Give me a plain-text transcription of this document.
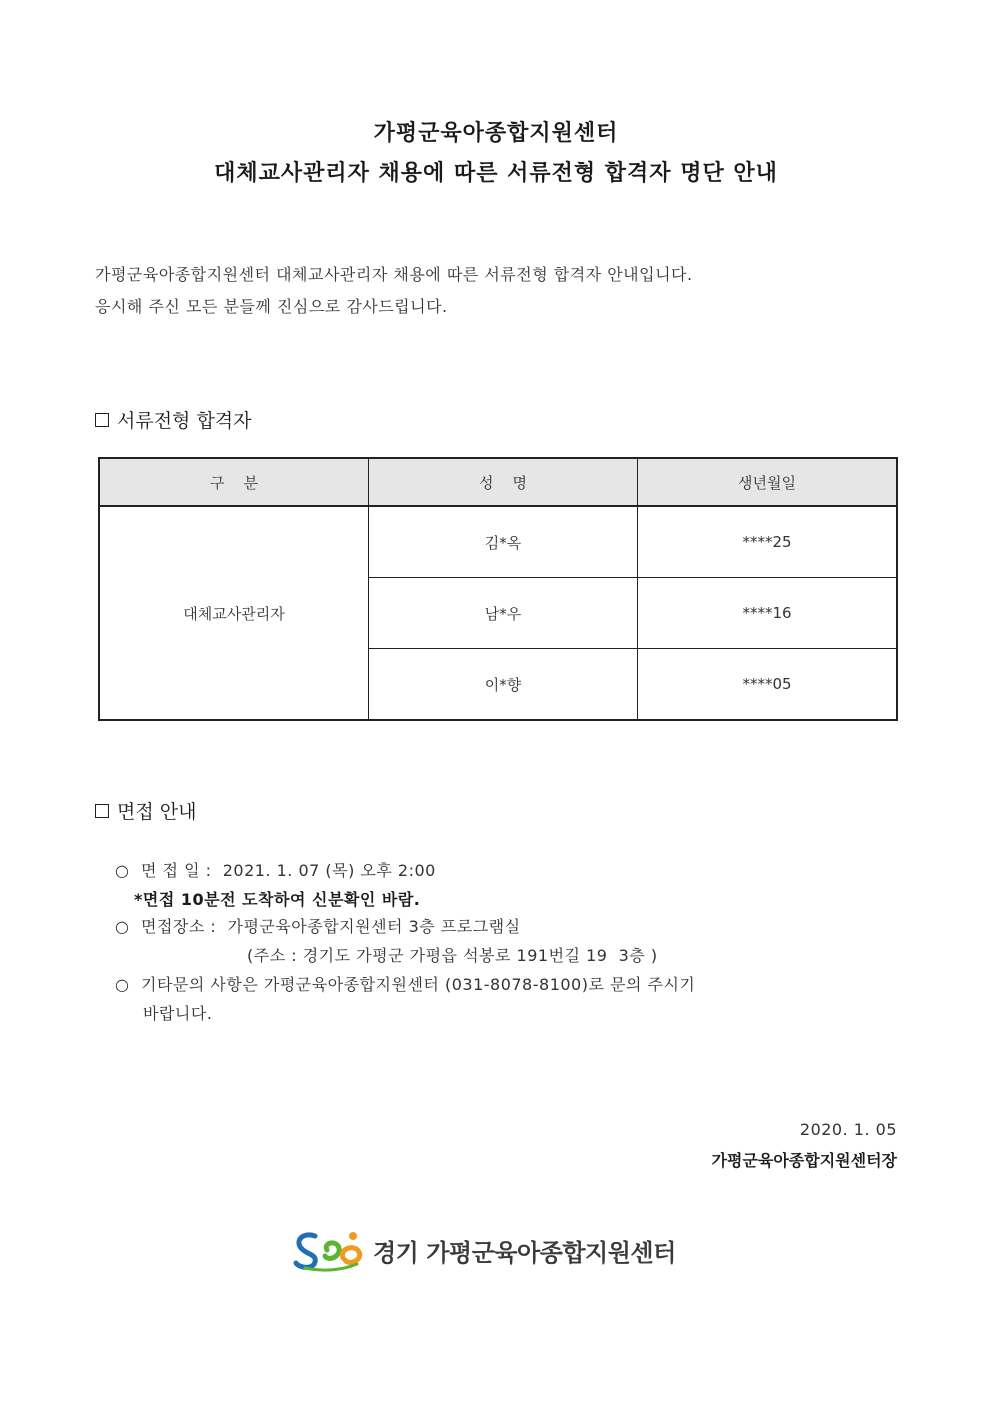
가평군육아종합지원센터
대체교사관리자 채용에 따른 서류전형 합격자 명단 안내
가평군육아종합지원센터 대체교사관리자 채용에 따른 서류전형 합격자 안내입니다.
응시해 주신 모든 분들께 진심으로 감사드립니다.
서류전형 합격자
구    분	성    명	생년월일
대체교사관리자	김*옥	****25
	남*우	****16
	이*향	****05
면접 안내
○ 면 접 일 : 2021. 1. 07 (목) 오후 2:00
*면접 10분전 도착하여 신분확인 바람.
○ 면접장소 : 가평군육아종합지원센터 3층 프로그램실
(주소 : 경기도 가평군 가평읍 석봉로 191번길 19  3층 )
○ 기타문의 사항은 가평군육아종합지원센터 (031-8078-8100)로 문의 주시기
바랍니다.
2020. 1. 05
가평군육아종합지원센터장
경기 가평군육아종합지원센터
